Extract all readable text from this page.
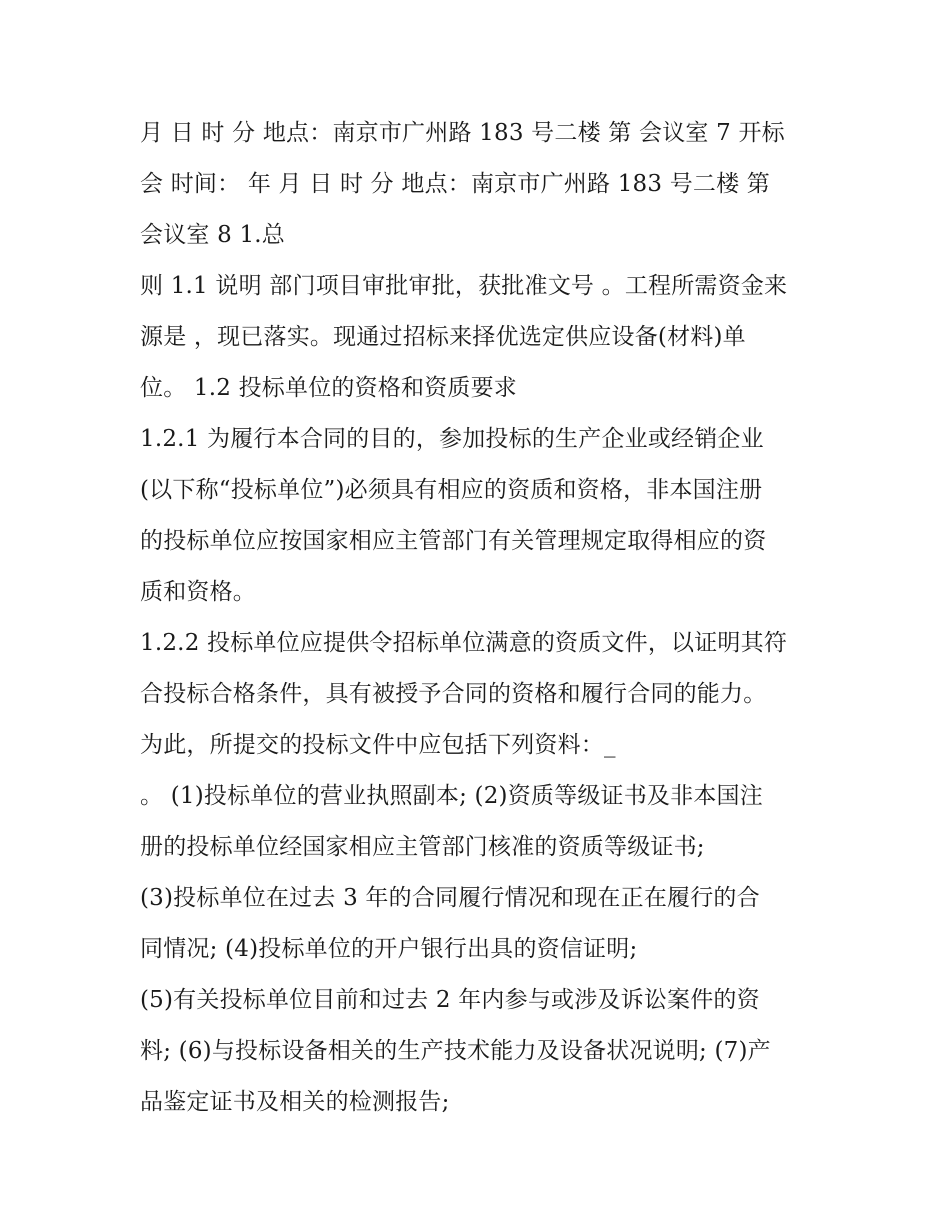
月 日 时 分 地点：南京市广州路 183 号二楼 第 会议室 7 开标
会 时间： 年 月 日 时 分 地点：南京市广州路 183 号二楼 第
会议室 8 1.总
则 1.1 说明 部门项目审批审批，获批准文号 。工程所需资金来
源是 ，现已落实。现通过招标来择优选定供应设备(材料)单
位。 1.2 投标单位的资格和资质要求
1.2.1 为履行本合同的目的，参加投标的生产企业或经销企业
(以下称“投标单位”)必须具有相应的资质和资格，非本国注册
的投标单位应按国家相应主管部门有关管理规定取得相应的资
质和资格。
1.2.2 投标单位应提供令招标单位满意的资质文件，以证明其符
合投标合格条件，具有被授予合同的资格和履行合同的能力。
为此，所提交的投标文件中应包括下列资料：_
。 (1)投标单位的营业执照副本; (2)资质等级证书及非本国注
册的投标单位经国家相应主管部门核准的资质等级证书;
(3)投标单位在过去 3 年的合同履行情况和现在正在履行的合
同情况; (4)投标单位的开户银行出具的资信证明;
(5)有关投标单位目前和过去 2 年内参与或涉及诉讼案件的资
料; (6)与投标设备相关的生产技术能力及设备状况说明; (7)产
品鉴定证书及相关的检测报告;
